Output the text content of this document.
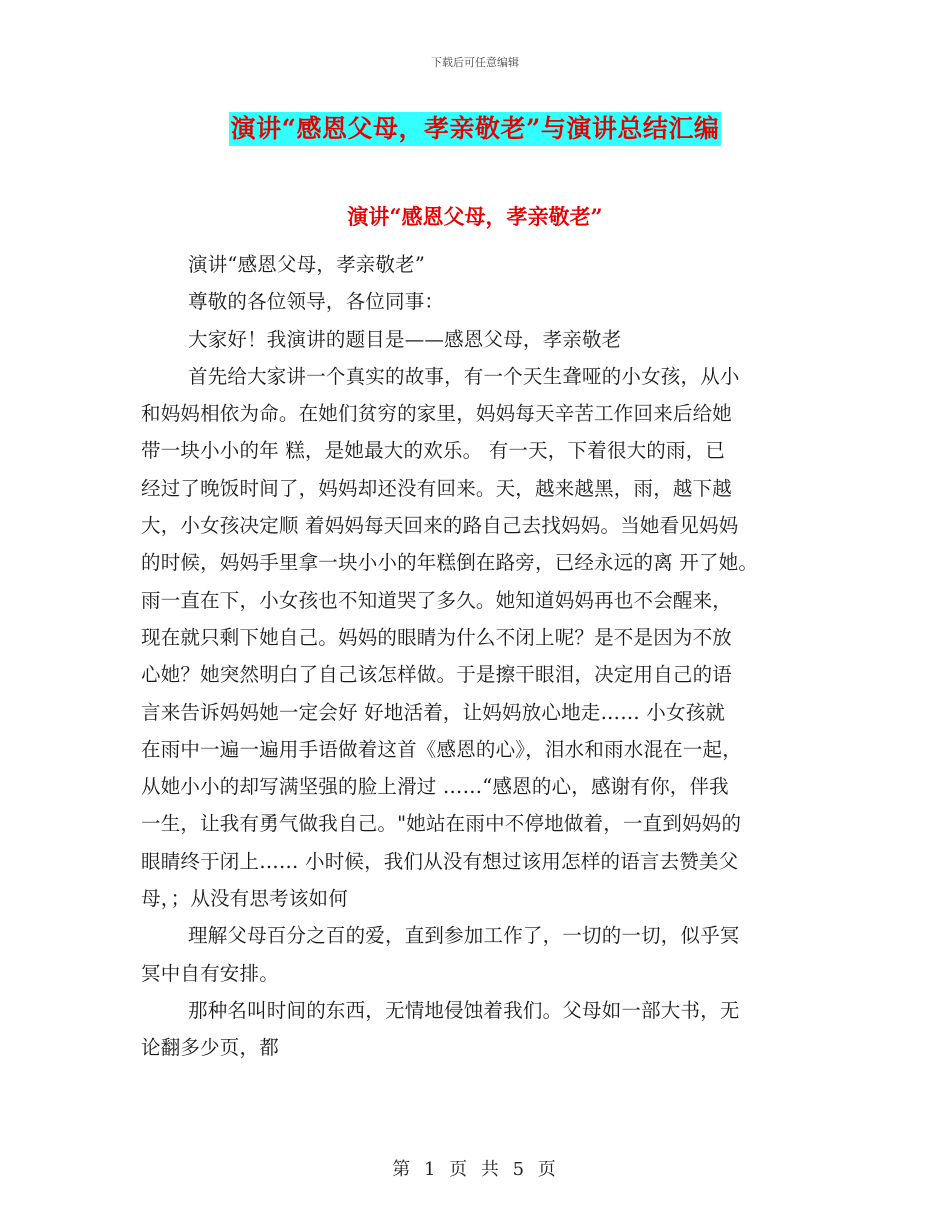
下载后可任意编辑
演讲“感恩父母，孝亲敬老”与演讲总结汇编
演讲“感恩父母，孝亲敬老”

演讲“感恩父母，孝亲敬老”
尊敬的各位领导，各位同事：
大家好！我演讲的题目是——感恩父母，孝亲敬老
首先给大家讲一个真实的故事，有一个天生聋哑的小女孩，从小
和妈妈相依为命。在她们贫穷的家里，妈妈每天辛苦工作回来后给她
带一块小小的年 糕，是她最大的欢乐。 有一天，下着很大的雨，已
经过了晚饭时间了，妈妈却还没有回来。天，越来越黑，雨，越下越
大，小女孩决定顺 着妈妈每天回来的路自己去找妈妈。当她看见妈妈
的时候，妈妈手里拿一块小小的年糕倒在路旁，已经永远的离 开了她。
雨一直在下，小女孩也不知道哭了多久。她知道妈妈再也不会醒来，
现在就只剩下她自己。妈妈的眼睛为什么不闭上呢？是不是因为不放
心她？她突然明白了自己该怎样做。于是擦干眼泪，决定用自己的语
言来告诉妈妈她一定会好 好地活着，让妈妈放心地走…… 小女孩就
在雨中一遍一遍用手语做着这首《感恩的心》，泪水和雨水混在一起，
从她小小的却写满坚强的脸上滑过 ……“感恩的心，感谢有你，伴我
一生，让我有勇气做我自己。"她站在雨中不停地做着，一直到妈妈的
眼睛终于闭上…… 小时候，我们从没有想过该用怎样的语言去赞美父
母，；从没有思考该如何
理解父母百分之百的爱，直到参加工作了，一切的一切，似乎冥
冥中自有安排。
那种名叫时间的东西，无情地侵蚀着我们。父母如一部大书，无
论翻多少页，都

第 1 页 共 5 页
